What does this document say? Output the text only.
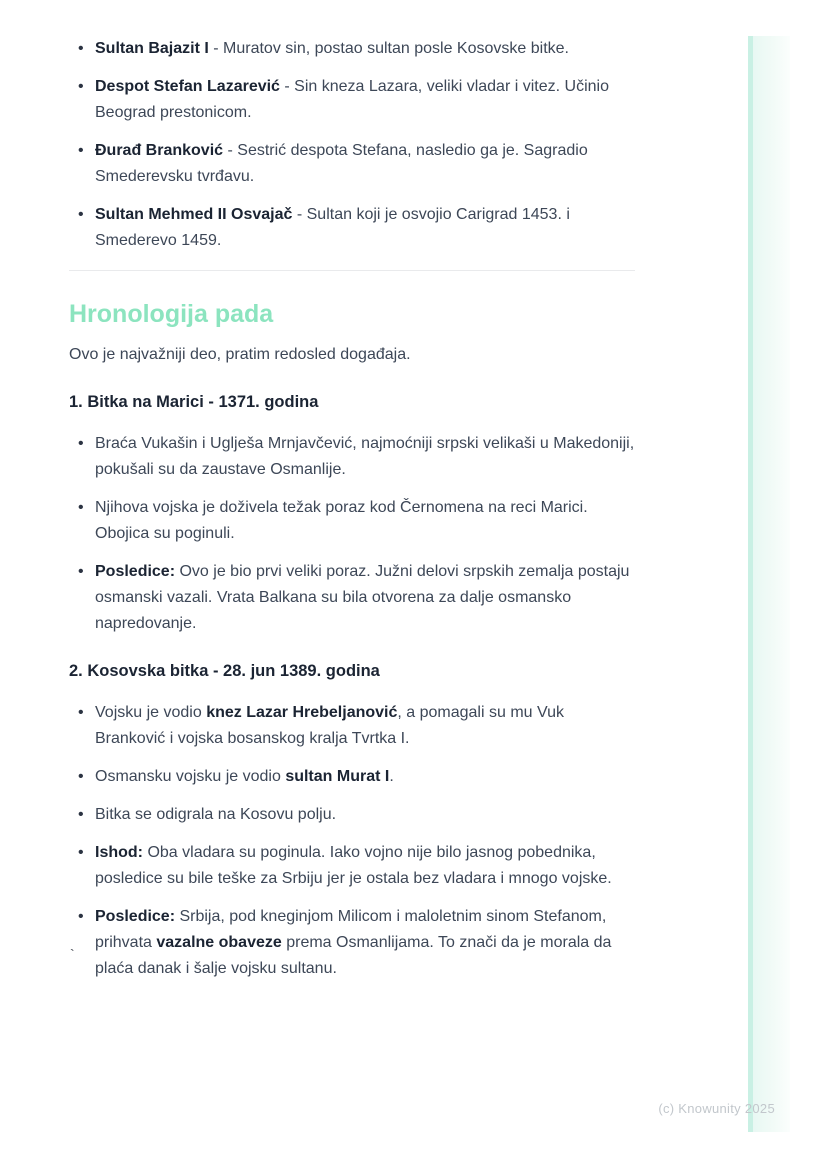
• Sultan Bajazit I - Muratov sin, postao sultan posle Kosovske bitke.
• Despot Stefan Lazarević - Sin kneza Lazara, veliki vladar i vitez. Učinio Beograd prestonicom.
• Đurađ Branković - Sestrić despota Stefana, nasledio ga je. Sagradio Smederevsku tvrđavu.
• Sultan Mehmed II Osvajač - Sultan koji je osvojio Carigrad 1453. i Smederevo 1459.
Hronologija pada

Ovo je najvažniji deo, pratim redosled događaja.

1. Bitka na Marici - 1371. godina
• Braća Vukašin i Uglješa Mrnjavčević, najmoćniji srpski velikaši u Makedoniji, pokušali su da zaustave Osmanlije.
• Njihova vojska je doživela težak poraz kod Černomena na reci Marici. Obojica su poginuli.
• Posledice: Ovo je bio prvi veliki poraz. Južni delovi srpskih zemalja postaju osmanski vazali. Vrata Balkana su bila otvorena za dalje osmansko napredovanje.
2. Kosovska bitka - 28. jun 1389. godina
• Vojsku je vodio knez Lazar Hrebeljanović, a pomagali su mu Vuk Branković i vojska bosanskog kralja Tvrtka I.
• Osmansku vojsku je vodio sultan Murat I.
• Bitka se odigrala na Kosovu polju.
• Ishod: Oba vladara su poginula. Iako vojno nije bilo jasnog pobednika, posledice su bile teške za Srbiju jer je ostala bez vladara i mnogo vojske.
• Posledice: Srbija, pod kneginjom Milicom i maloletnim sinom Stefanom, prihvata vazalne obaveze prema Osmanlijama. To znači da je morala da plaća danak i šalje vojsku sultanu.
`
(c) Knowunity 2025
